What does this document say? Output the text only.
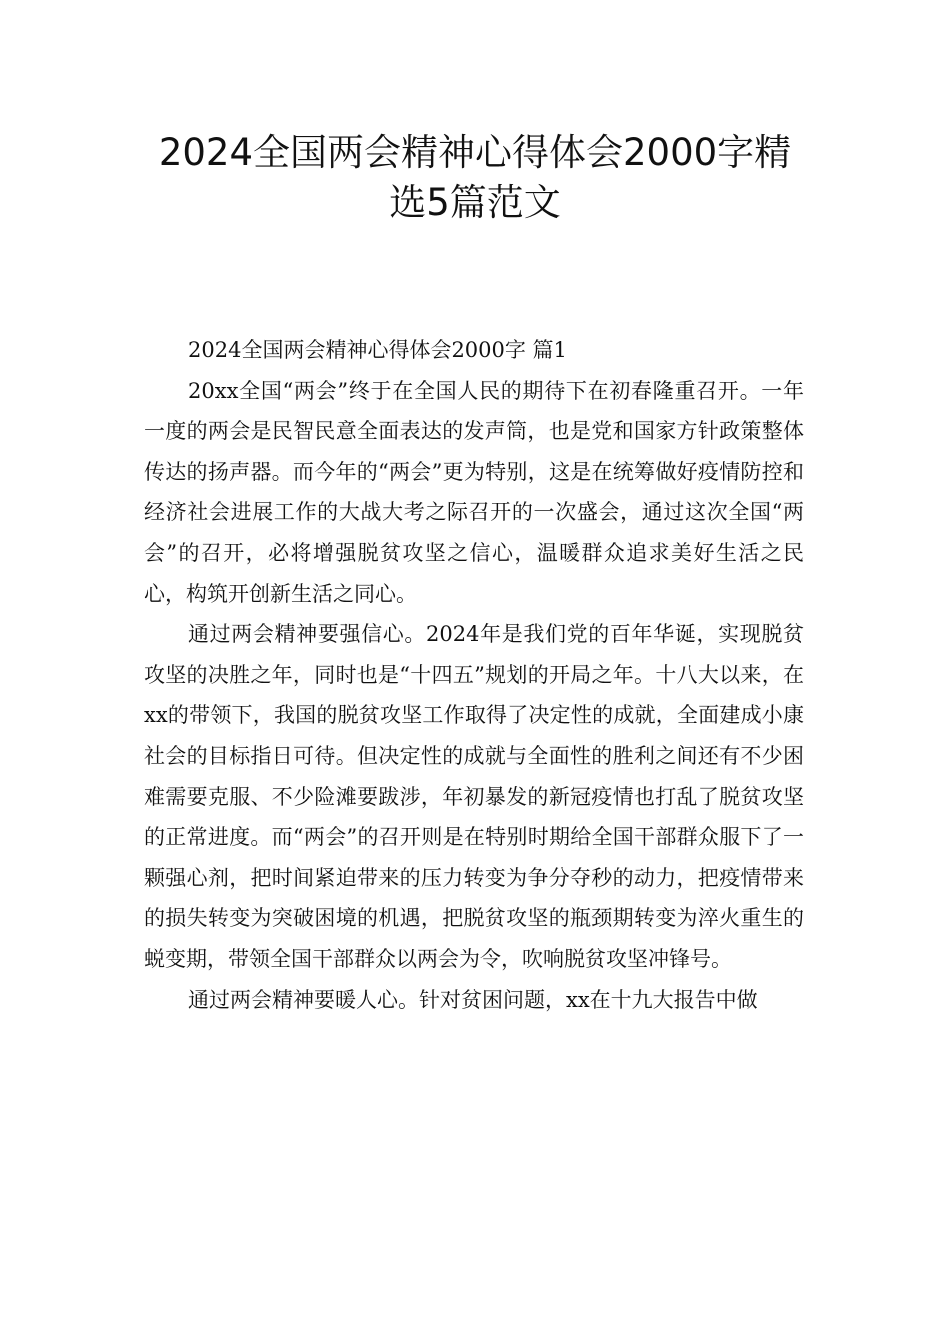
2024全国两会精神心得体会2000字精
选5篇范文

2024全国两会精神心得体会2000字 篇1

20xx全国“两会”终于在全国人民的期待下在初春隆重召开。一年一度的两会是民智民意全面表达的发声筒，也是党和国家方针政策整体传达的扬声器。而今年的“两会”更为特别，这是在统筹做好疫情防控和经济社会进展工作的大战大考之际召开的一次盛会，通过这次全国“两会”的召开，必将增强脱贫攻坚之信心，温暖群众追求美好生活之民心，构筑开创新生活之同心。

通过两会精神要强信心。2024年是我们党的百年华诞，实现脱贫攻坚的决胜之年，同时也是“十四五”规划的开局之年。十八大以来，在xx的带领下，我国的脱贫攻坚工作取得了决定性的成就，全面建成小康社会的目标指日可待。但决定性的成就与全面性的胜利之间还有不少困难需要克服、不少险滩要跋涉，年初暴发的新冠疫情也打乱了脱贫攻坚的正常进度。而“两会”的召开则是在特别时期给全国干部群众服下了一颗强心剂，把时间紧迫带来的压力转变为争分夺秒的动力，把疫情带来的损失转变为突破困境的机遇，把脱贫攻坚的瓶颈期转变为淬火重生的蜕变期，带领全国干部群众以两会为令，吹响脱贫攻坚冲锋号。

通过两会精神要暖人心。针对贫困问题，xx在十九大报告中做
